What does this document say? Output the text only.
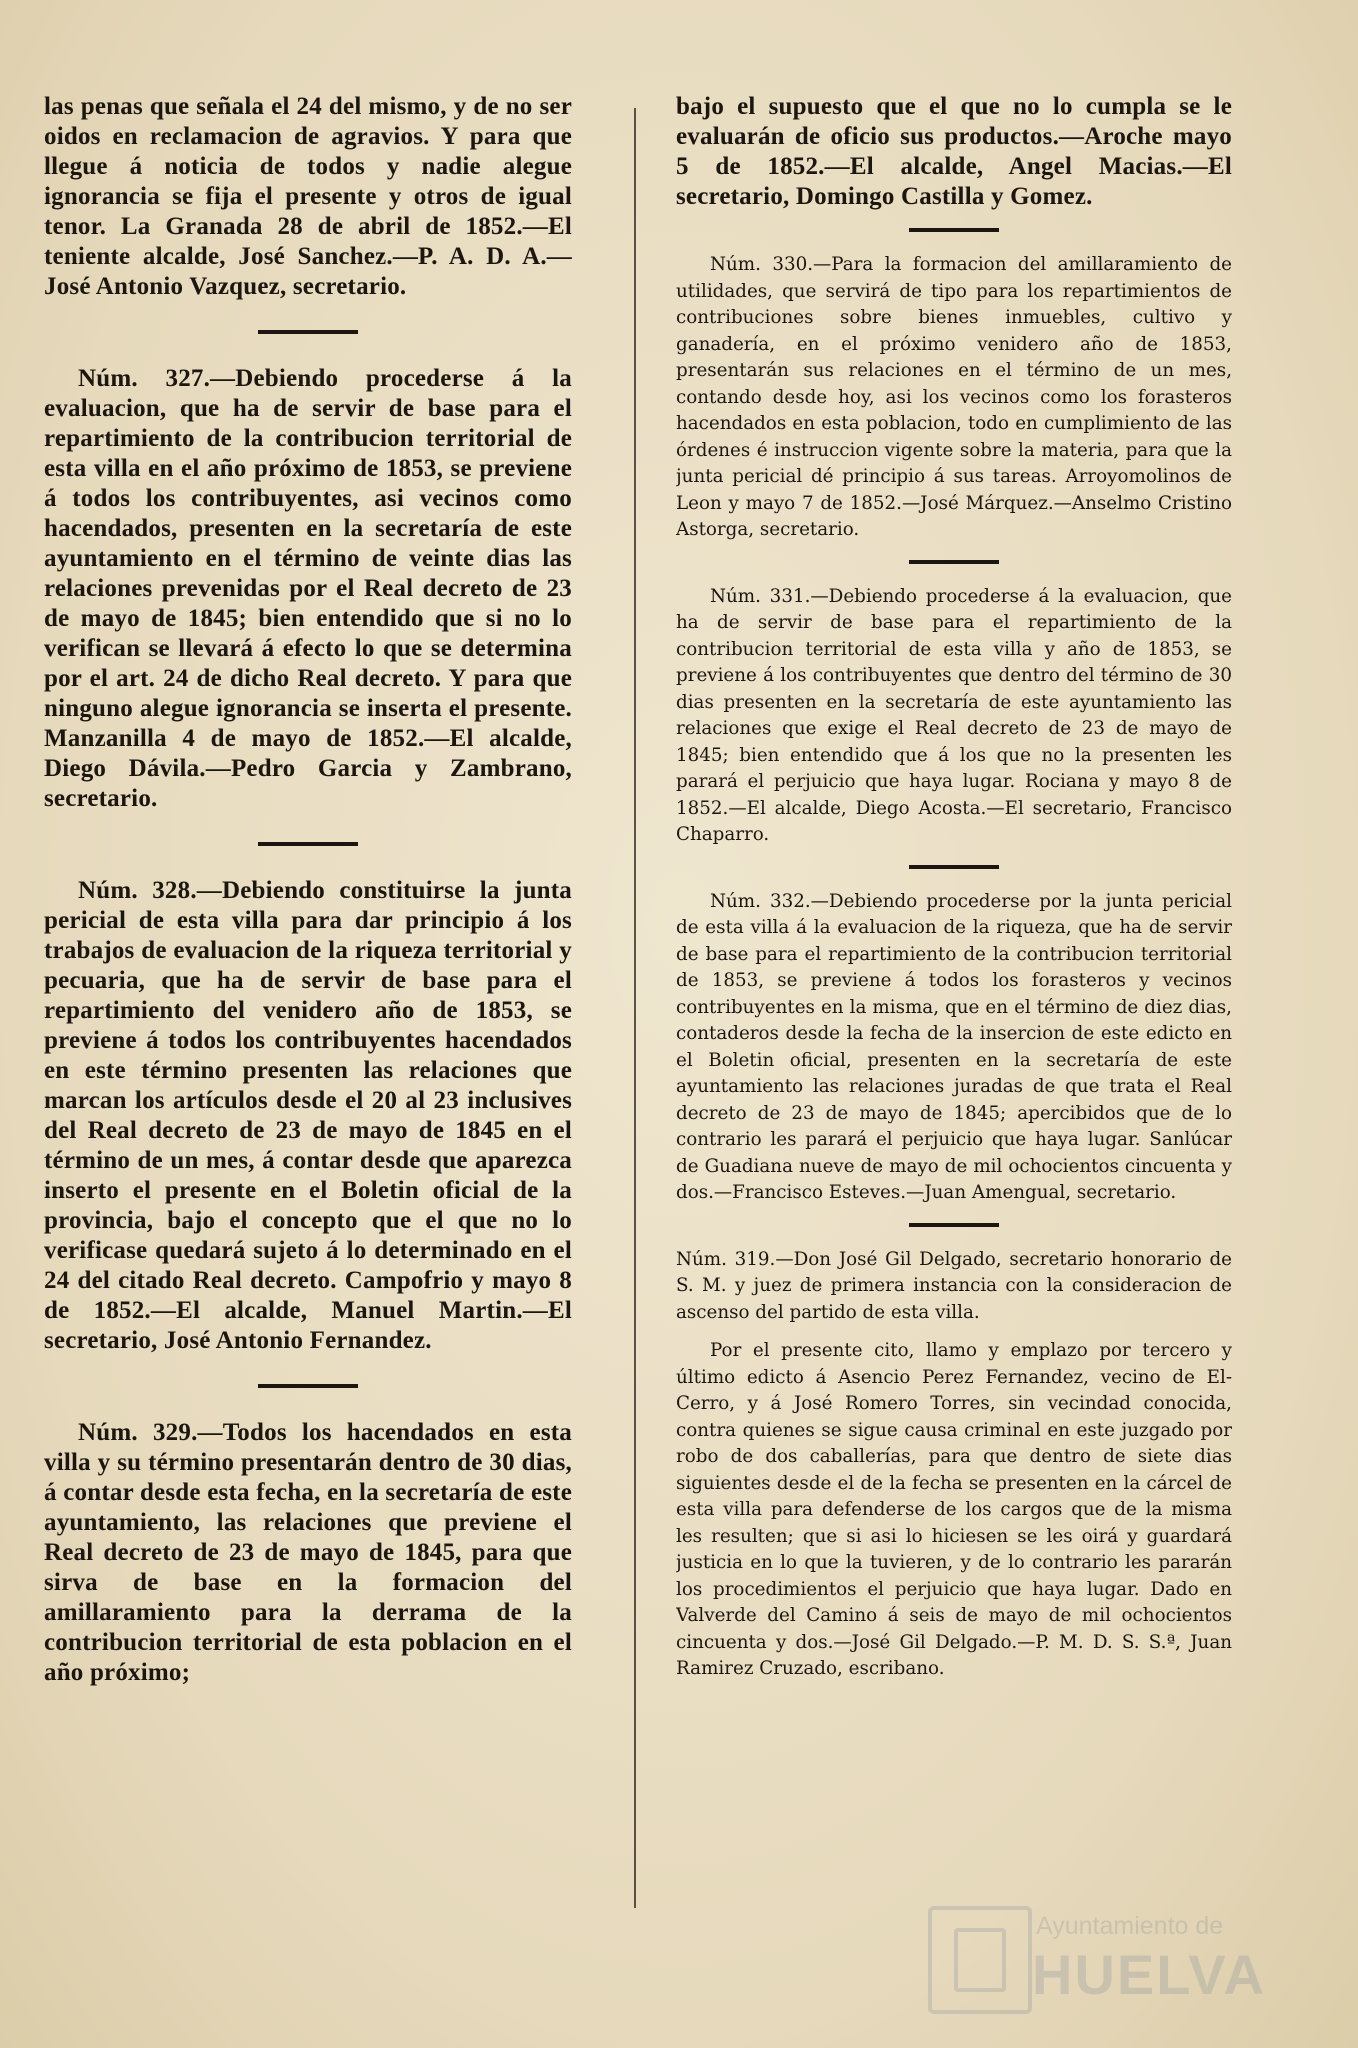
las penas que señala el 24 del mismo, y de no ser oidos en reclamacion de agravios. Y para que llegue á noticia de todos y nadie alegue ignorancia se fija el presente y otros de igual tenor. La Granada 28 de abril de 1852.—El teniente alcalde, José Sanchez.—P. A. D. A.—José Antonio Vazquez, secretario.

Núm. 327.—Debiendo procederse á la evaluacion, que ha de servir de base para el repartimiento de la contribucion territorial de esta villa en el año próximo de 1853, se previene á todos los contribuyentes, asi vecinos como hacendados, presenten en la secretaría de este ayuntamiento en el término de veinte dias las relaciones prevenidas por el Real decreto de 23 de mayo de 1845; bien entendido que si no lo verifican se llevará á efecto lo que se determina por el art. 24 de dicho Real decreto. Y para que ninguno alegue ignorancia se inserta el presente. Manzanilla 4 de mayo de 1852.—El alcalde, Diego Dávila.—Pedro Garcia y Zambrano, secretario.

Núm. 328.—Debiendo constituirse la junta pericial de esta villa para dar principio á los trabajos de evaluacion de la riqueza territorial y pecuaria, que ha de servir de base para el repartimiento del venidero año de 1853, se previene á todos los contribuyentes hacendados en este término presenten las relaciones que marcan los artículos desde el 20 al 23 inclusives del Real decreto de 23 de mayo de 1845 en el término de un mes, á contar desde que aparezca inserto el presente en el Boletin oficial de la provincia, bajo el concepto que el que no lo verificase quedará sujeto á lo determinado en el 24 del citado Real decreto. Campofrio y mayo 8 de 1852.—El alcalde, Manuel Martin.—El secretario, José Antonio Fernandez.

Núm. 329.—Todos los hacendados en esta villa y su término presentarán dentro de 30 dias, á contar desde esta fecha, en la secretaría de este ayuntamiento, las relaciones que previene el Real decreto de 23 de mayo de 1845, para que sirva de base en la formacion del amillaramiento para la derrama de la contribucion territorial de esta poblacion en el año próximo;

bajo el supuesto que el que no lo cumpla se le evaluarán de oficio sus productos.—Aroche mayo 5 de 1852.—El alcalde, Angel Macias.—El secretario, Domingo Castilla y Gomez.

Núm. 330.—Para la formacion del amillaramiento de utilidades, que servirá de tipo para los repartimientos de contribuciones sobre bienes inmuebles, cultivo y ganadería, en el próximo venidero año de 1853, presentarán sus relaciones en el término de un mes, contando desde hoy, asi los vecinos como los forasteros hacendados en esta poblacion, todo en cumplimiento de las órdenes é instruccion vigente sobre la materia, para que la junta pericial dé principio á sus tareas. Arroyomolinos de Leon y mayo 7 de 1852.—José Márquez.—Anselmo Cristino Astorga, secretario.

Núm. 331.—Debiendo procederse á la evaluacion, que ha de servir de base para el repartimiento de la contribucion territorial de esta villa y año de 1853, se previene á los contribuyentes que dentro del término de 30 dias presenten en la secretaría de este ayuntamiento las relaciones que exige el Real decreto de 23 de mayo de 1845; bien entendido que á los que no la presenten les parará el perjuicio que haya lugar. Rociana y mayo 8 de 1852.—El alcalde, Diego Acosta.—El secretario, Francisco Chaparro.

Núm. 332.—Debiendo procederse por la junta pericial de esta villa á la evaluacion de la riqueza, que ha de servir de base para el repartimiento de la contribucion territorial de 1853, se previene á todos los forasteros y vecinos contribuyentes en la misma, que en el término de diez dias, contaderos desde la fecha de la insercion de este edicto en el Boletin oficial, presenten en la secretaría de este ayuntamiento las relaciones juradas de que trata el Real decreto de 23 de mayo de 1845; apercibidos que de lo contrario les parará el perjuicio que haya lugar. Sanlúcar de Guadiana nueve de mayo de mil ochocientos cincuenta y dos.—Francisco Esteves.—Juan Amengual, secretario.

Núm. 319.—Don José Gil Delgado, secretario honorario de S. M. y juez de primera instancia con la consideracion de ascenso del partido de esta villa.

Por el presente cito, llamo y emplazo por tercero y último edicto á Asencio Perez Fernandez, vecino de El-Cerro, y á José Romero Torres, sin vecindad conocida, contra quienes se sigue causa criminal en este juzgado por robo de dos caballerías, para que dentro de siete dias siguientes desde el de la fecha se presenten en la cárcel de esta villa para defenderse de los cargos que de la misma les resulten; que si asi lo hiciesen se les oirá y guardará justicia en lo que la tuvieren, y de lo contrario les pararán los procedimientos el perjuicio que haya lugar. Dado en Valverde del Camino á seis de mayo de mil ochocientos cincuenta y dos.—José Gil Delgado.—P. M. D. S. S.ª, Juan Ramirez Cruzado, escribano.

Ayuntamiento de
HUELVA
